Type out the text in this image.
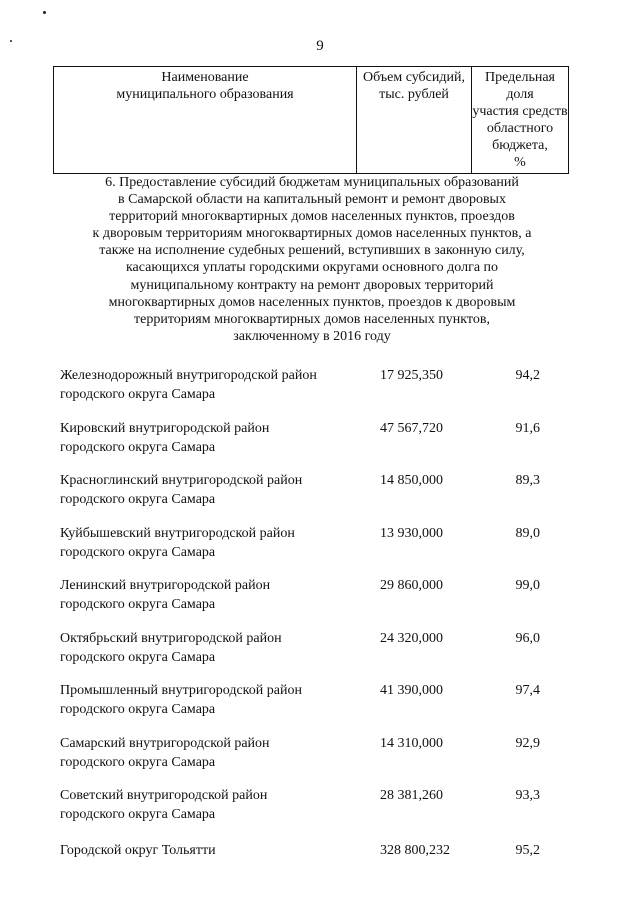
9
Наименование
муниципального образования

Объем субсидий,
тыс. рублей

Предельная
доля
участия средств
областного
бюджета,
%
6. Предоставление субсидий бюджетам муниципальных образований
в Самарской области на капитальный ремонт и ремонт дворовых
территорий многоквартирных домов населенных пунктов, проездов
к дворовым территориям многоквартирных домов населенных пунктов, а
также на исполнение судебных решений, вступивших в законную силу,
касающихся уплаты городскими округами основного долга по
муниципальному контракту на ремонт дворовых территорий
многоквартирных домов населенных пунктов, проездов к дворовым
территориям многоквартирных домов населенных пунктов,
заключенному в 2016 году
Железнодорожный внутригородской район
городского округа Самара
17 925,350	94,2
Кировский внутригородской район
городского округа Самара
47 567,720	91,6
Красноглинский внутригородской район
городского округа Самара
14 850,000	89,3
Куйбышевский внутригородской район
городского округа Самара
13 930,000	89,0
Ленинский внутригородской район
городского округа Самара
29 860,000	99,0
Октябрьский внутригородской район
городского округа Самара
24 320,000	96,0
Промышленный внутригородской район
городского округа Самара
41 390,000	97,4
Самарский внутригородской район
городского округа Самара
14 310,000	92,9
Советский внутригородской район
городского округа Самара
28 381,260	93,3
Городской округ Тольятти	328 800,232	95,2
